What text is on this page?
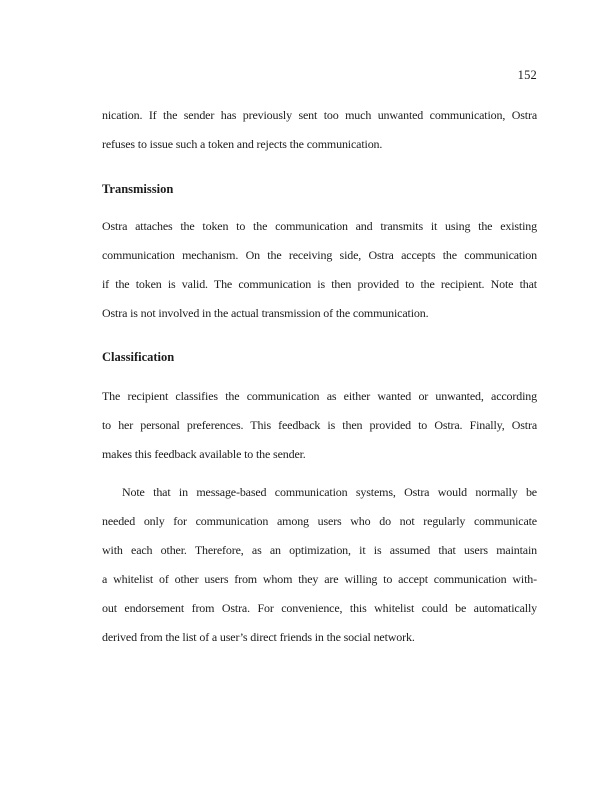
152
nication. If the sender has previously sent too much unwanted communication, Ostra
refuses to issue such a token and rejects the communication.
Transmission
Ostra attaches the token to the communication and transmits it using the existing
communication mechanism. On the receiving side, Ostra accepts the communication
if the token is valid. The communication is then provided to the recipient. Note that
Ostra is not involved in the actual transmission of the communication.
Classification
The recipient classifies the communication as either wanted or unwanted, according
to her personal preferences. This feedback is then provided to Ostra. Finally, Ostra
makes this feedback available to the sender.
Note that in message-based communication systems, Ostra would normally be
needed only for communication among users who do not regularly communicate
with each other. Therefore, as an optimization, it is assumed that users maintain
a whitelist of other users from whom they are willing to accept communication with-
out endorsement from Ostra. For convenience, this whitelist could be automatically
derived from the list of a user’s direct friends in the social network.
